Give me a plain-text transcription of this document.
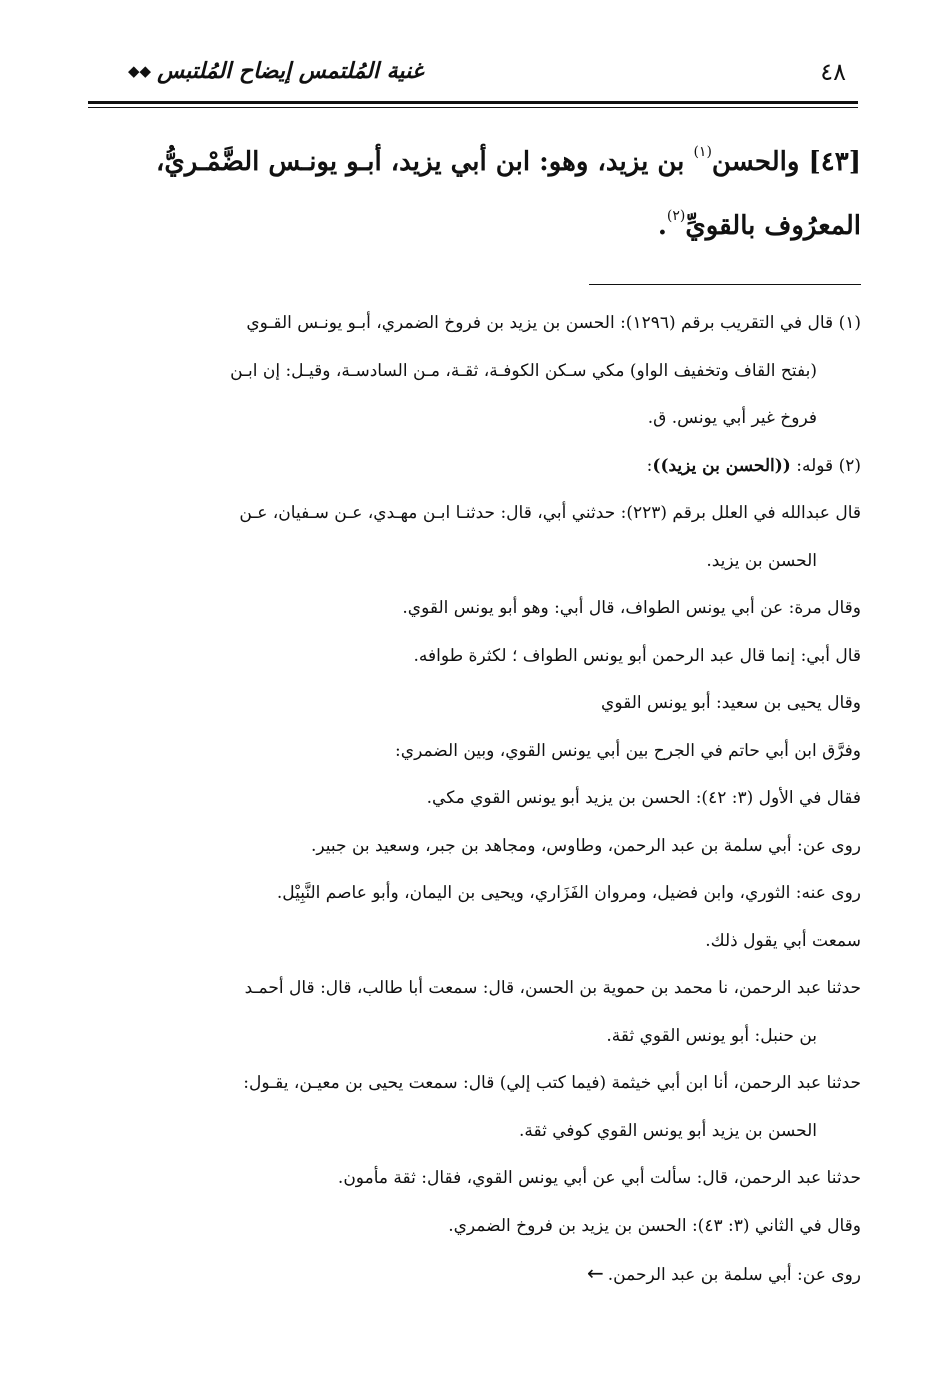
٤٨
غنية المُلتمس إيضاح المُلتبس◆◆
[٤٣] والحسن$^{(١)}$ بن يزيد، وهو: ابن أبي يزيد، أبـو يونـس الضَّمْـريُّ،
المعرُوف بالقويِّ$^{(٢)}$.
(١) قال في التقريب برقم (١٢٩٦): الحسن بن يزيد بن فروخ الضمري، أبـو يونـس القـوي
(بفتح القاف وتخفيف الواو) مكي سـكن الكوفـة، ثقـة، مـن السادسـة، وقيـل: إن ابـن
فروخ غير أبي يونس. ق.
(٢) قوله: ((الحسن بن يزيد)):
قال عبدالله في العلل برقم (٢٢٣): حدثني أبي، قال: حدثنـا ابـن مهـدي، عـن سـفيان، عـن
الحسن بن يزيد.
وقال مرة: عن أبي يونس الطواف، قال أبي: وهو أبو يونس القوي.
قال أبي: إنما قال عبد الرحمن أبو يونس الطواف ؛ لكثرة طوافه.
وقال يحيى بن سعيد: أبو يونس القوي
وفرَّق ابن أبي حاتم في الجرح بين أبي يونس القوي، وبين الضمري:
فقال في الأول (٣: ٤٢): الحسن بن يزيد أبو يونس القوي مكي.
روى عن: أبي سلمة بن عبد الرحمن، وطاوس، ومجاهد بن جبر، وسعيد بن جبير.
روى عنه: الثوري، وابن فضيل، ومروان الفَزَاري، ويحيى بن اليمان، وأبو عاصم النَّبِيْل.
سمعت أبي يقول ذلك.
حدثنا عبد الرحمن، نا محمد بن حموية بن الحسن، قال: سمعت أبا طالب، قال: قال أحمـد
بن حنبل: أبو يونس القوي ثقة.
حدثنا عبد الرحمن، أنا ابن أبي خيثمة (فيما كتب إلي) قال: سمعت يحيى بن معيـن، يقـول:
الحسن بن يزيد أبو يونس القوي كوفي ثقة.
حدثنا عبد الرحمن، قال: سألت أبي عن أبي يونس القوي، فقال: ثقة مأمون.
وقال في الثاني (٣: ٤٣): الحسن بن يزيد بن فروخ الضمري.
روى عن: أبي سلمة بن عبد الرحمن.←
